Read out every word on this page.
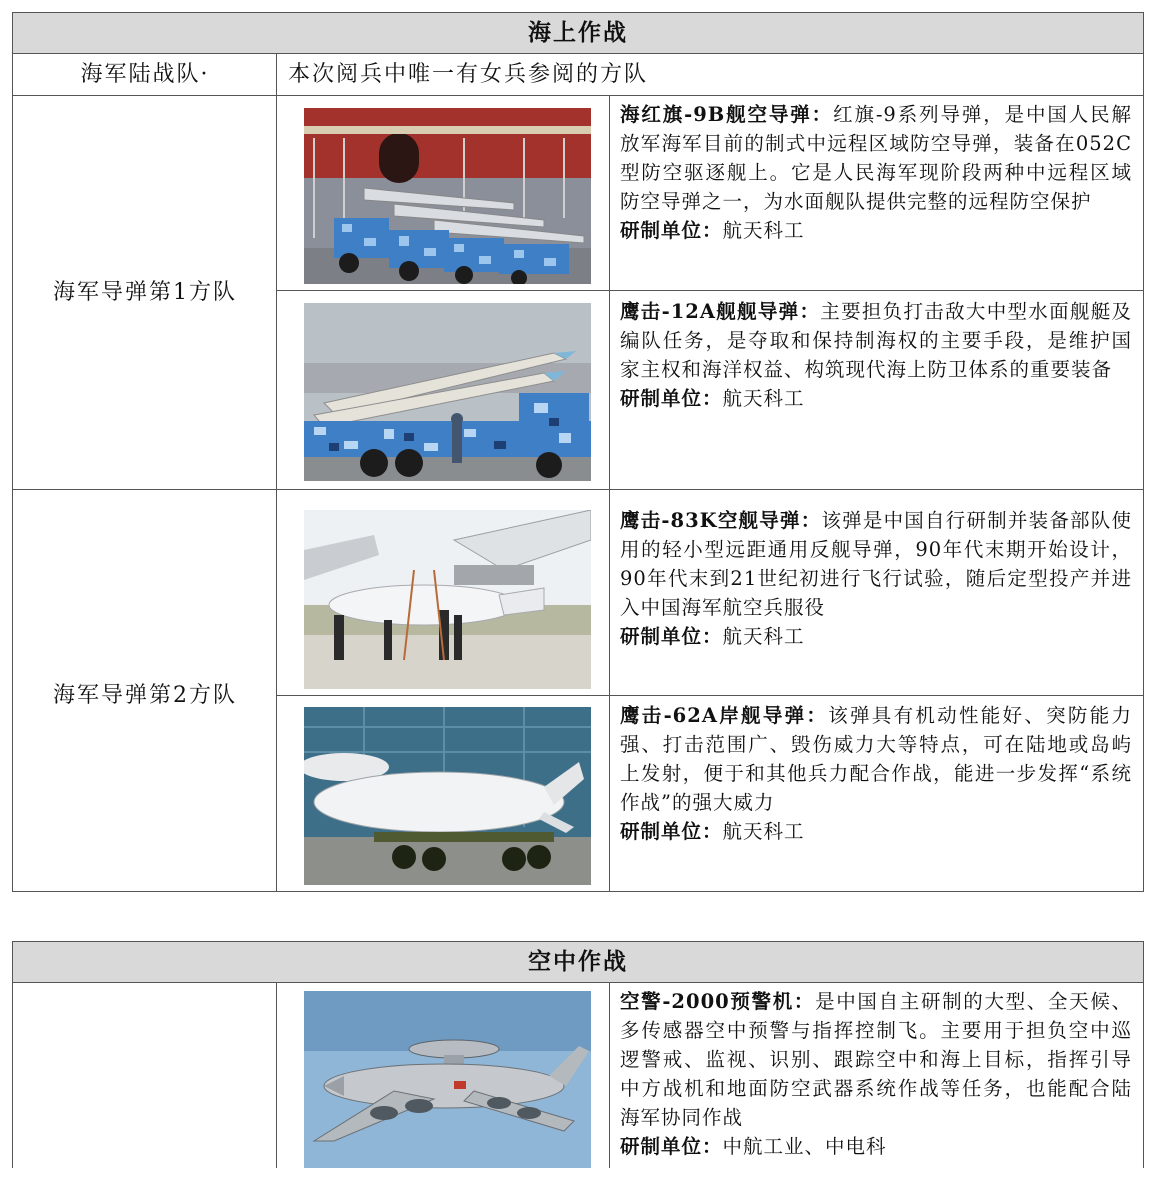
海上作战
海军陆战队·	本次阅兵中唯一有女兵参阅的方队
海军导弹第1方队
海红旗-9B舰空导弹：红旗-9系列导弹，是中国人民解放军海军目前的制式中远程区域防空导弹，装备在052C型防空驱逐舰上。它是人民海军现阶段两种中远程区域防空导弹之一，为水面舰队提供完整的远程防空保护
研制单位：航天科工
鹰击-12A舰舰导弹：主要担负打击敌大中型水面舰艇及编队任务，是夺取和保持制海权的主要手段，是维护国家主权和海洋权益、构筑现代海上防卫体系的重要装备
研制单位：航天科工
海军导弹第2方队
鹰击-83K空舰导弹：该弹是中国自行研制并装备部队使用的轻小型远距通用反舰导弹，90年代末期开始设计，90年代末到21世纪初进行飞行试验，随后定型投产并进入中国海军航空兵服役
研制单位：航天科工
鹰击-62A岸舰导弹：该弹具有机动性能好、突防能力强、打击范围广、毁伤威力大等特点，可在陆地或岛屿上发射，便于和其他兵力配合作战，能进一步发挥“系统作战”的强大威力
研制单位：航天科工
空中作战
空警-2000预警机：是中国自主研制的大型、全天候、多传感器空中预警与指挥控制飞。主要用于担负空中巡逻警戒、监视、识别、跟踪空中和海上目标，指挥引导中方战机和地面防空武器系统作战等任务，也能配合陆海军协同作战
研制单位：中航工业、中电科
